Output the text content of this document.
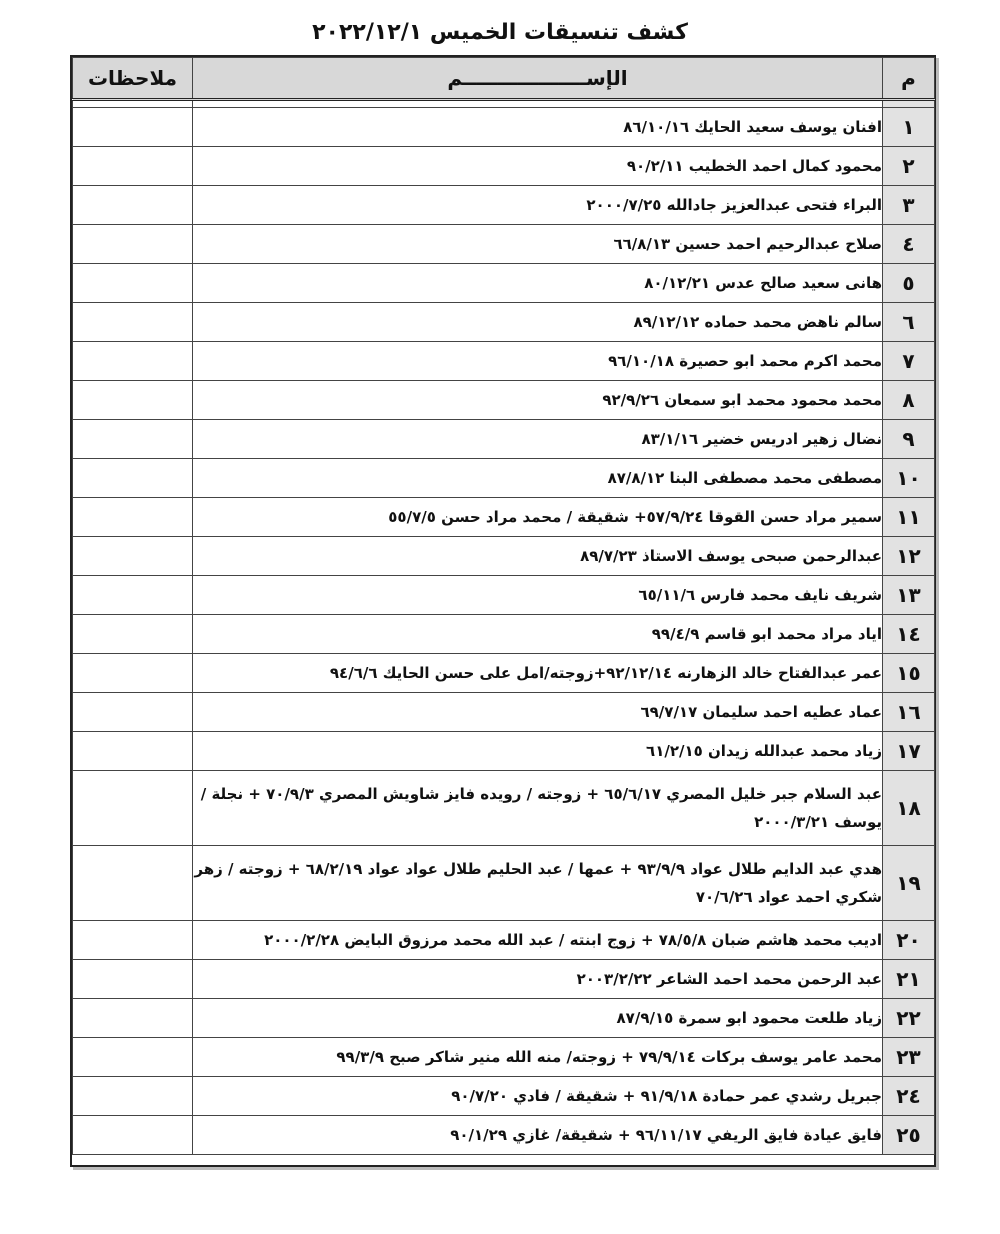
كشف تنسيقات الخميس ٢٠٢٢/١٢/١
م	الإســــــــــــــــــم	ملاحظات

١	افنان يوسف سعيد الحايك ٨٦/١٠/١٦	
٢	محمود كمال احمد الخطيب ٩٠/٢/١١	
٣	البراء فتحى عبدالعزيز جادالله ٢٠٠٠/٧/٢٥	
٤	صلاح عبدالرحيم احمد حسين ٦٦/٨/١٣	
٥	هانى سعيد صالح عدس ٨٠/١٢/٢١	
٦	سالم ناهض محمد حماده ٨٩/١٢/١٢	
٧	محمد اكرم محمد ابو حصيرة ٩٦/١٠/١٨	
٨	محمد محمود محمد ابو سمعان ٩٢/٩/٢٦	
٩	نضال زهير ادريس خضير ٨٣/١/١٦	
١٠	مصطفى محمد مصطفى البنا ٨٧/٨/١٢	
١١	سمير مراد حسن القوقا ٥٧/٩/٢٤+ شقيقة / محمد مراد حسن ٥٥/٧/٥	
١٢	عبدالرحمن صبحى يوسف الاستاذ ٨٩/٧/٢٣	
١٣	شريف نايف محمد فارس ٦٥/١١/٦	
١٤	اياد مراد محمد ابو قاسم ٩٩/٤/٩	
١٥	عمر عبدالفتاح خالد الزهارنه ٩٢/١٢/١٤+زوجته/امل على حسن الحايك ٩٤/٦/٦	
١٦	عماد عطيه احمد سليمان ٦٩/٧/١٧	
١٧	زياد محمد عبدالله زيدان ٦١/٢/١٥	
١٨	عبد السلام جبر خليل المصري ٦٥/٦/١٧ + زوجته / رويده فايز شاويش المصري ٧٠/٩/٣ + نجلة / يوسف ٢٠٠٠/٣/٢١	
١٩	هدي عبد الدايم طلال عواد ٩٣/٩/٩ + عمها / عبد الحليم طلال عواد عواد ٦٨/٢/١٩ + زوجته / زهر شكري احمد عواد ٧٠/٦/٢٦	
٢٠	اديب محمد هاشم ضبان ٧٨/٥/٨ + زوج ابنته / عبد الله محمد مرزوق البايض ٢٠٠٠/٢/٢٨	
٢١	عبد الرحمن محمد احمد الشاعر ٢٠٠٣/٢/٢٢	
٢٢	زياد طلعت محمود ابو سمرة ٨٧/٩/١٥	
٢٣	محمد عامر يوسف بركات ٧٩/٩/١٤ + زوجته/ منه الله منير شاكر صبح ٩٩/٣/٩	
٢٤	جبريل رشدي عمر حمادة ٩١/٩/١٨ + شقيقة / فادي ٩٠/٧/٢٠	
٢٥	فايق عيادة فايق الريفي ٩٦/١١/١٧ + شقيقة/ غازي ٩٠/١/٢٩	
